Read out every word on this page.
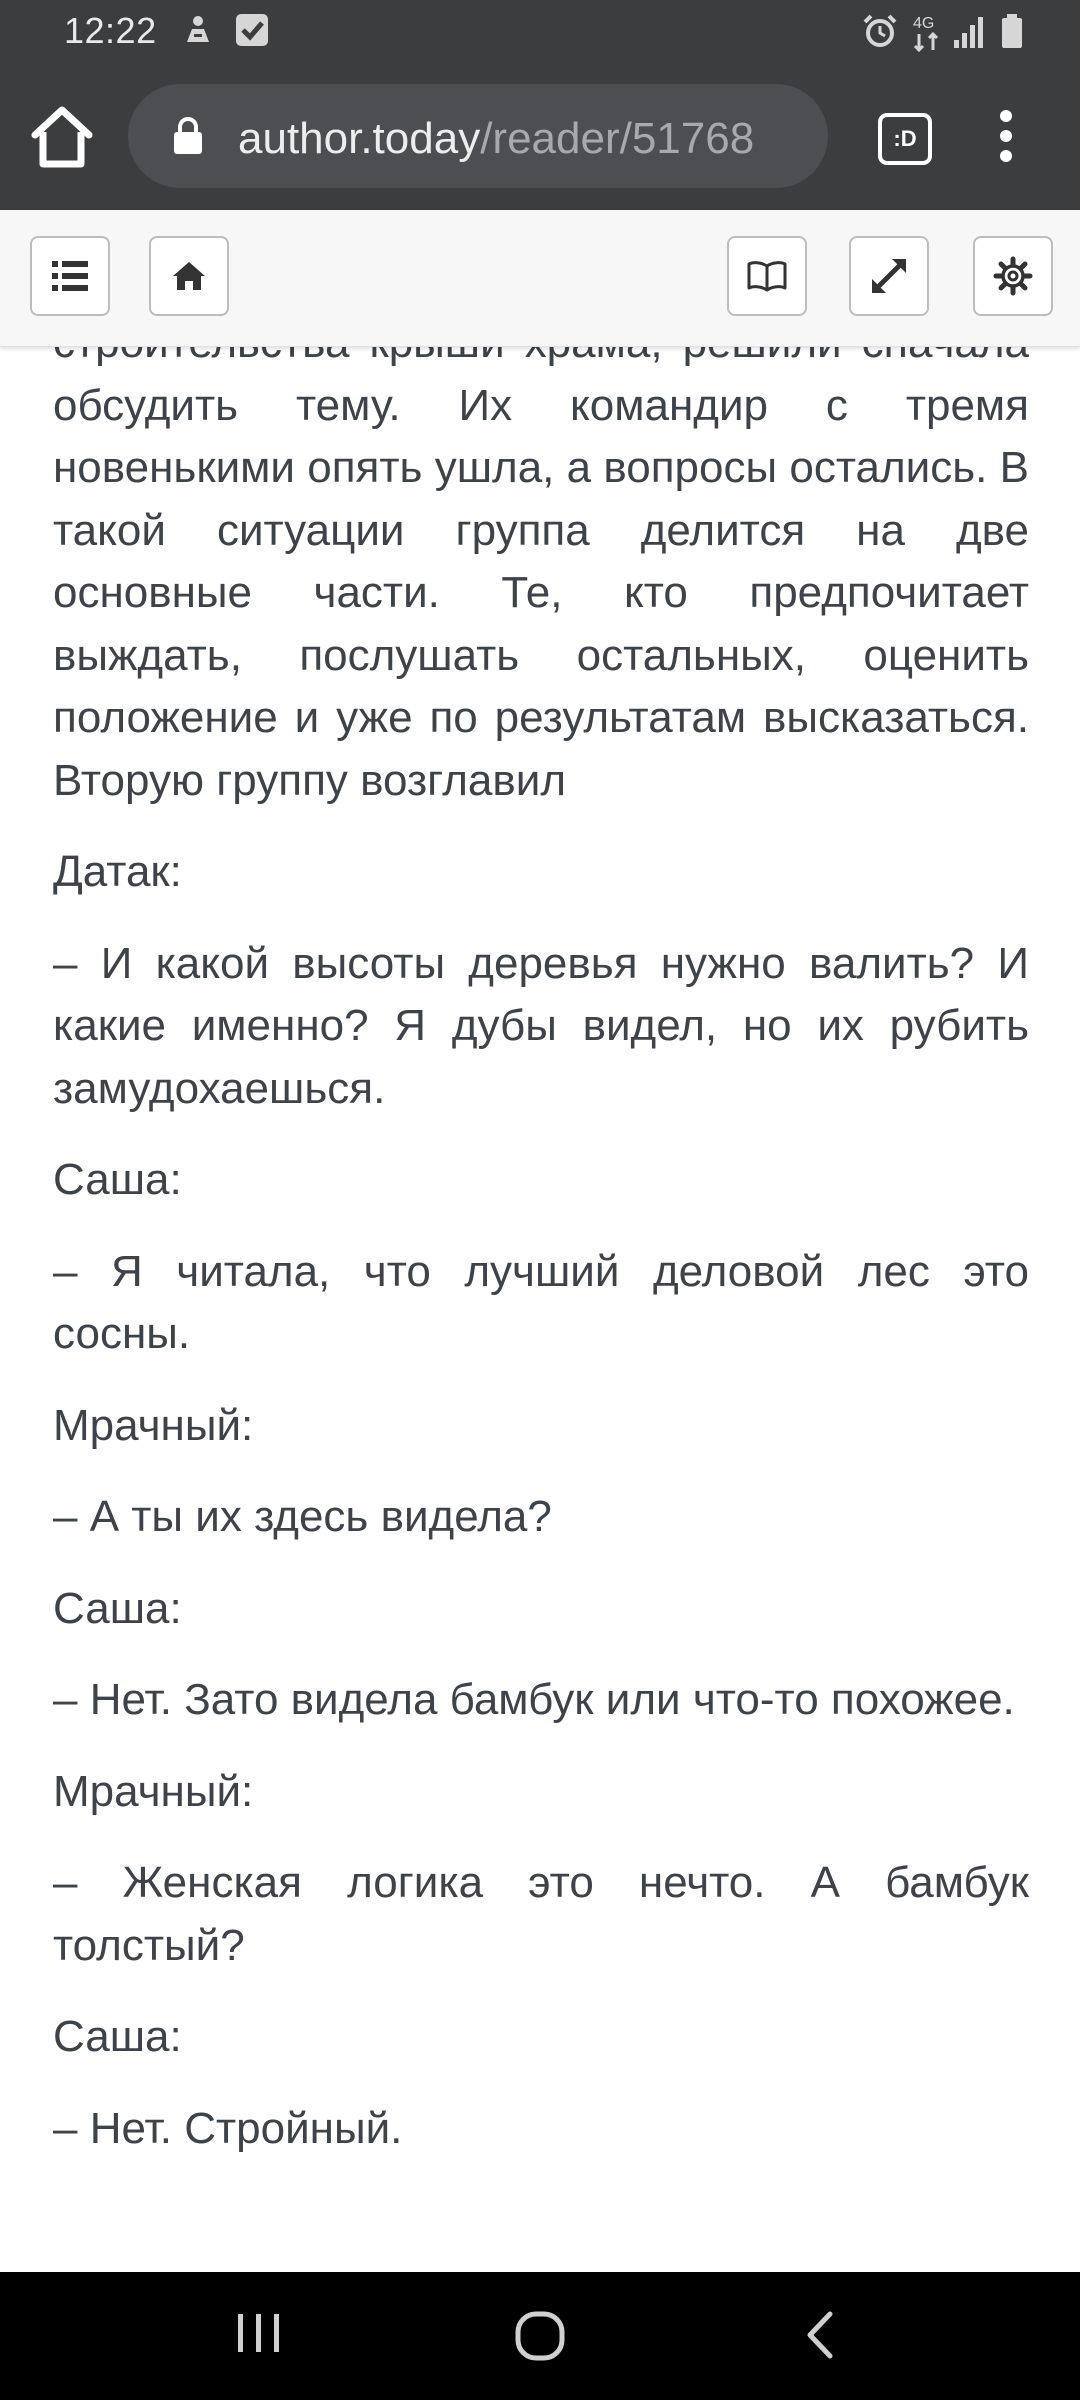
12:22

	4G

author.today/reader/51768	:D

обсудить тему. Их командир с тремя новенькими опять ушла, а вопросы остались. В такой ситуации группа делится на две основные части. Те, кто предпочитает выждать, послушать остальных, оценить положение и уже по результатам высказаться. Вторую группу возглавил

Датак:

– И какой высоты деревья нужно валить? И какие именно? Я дубы видел, но их рубить замудохаешься.

Саша:

– Я читала, что лучший деловой лес это сосны.

Мрачный:

– А ты их здесь видела?

Саша:

– Нет. Зато видела бамбук или что-то похожее.

Мрачный:

– Женская логика это нечто. А бамбук толстый?

Саша:

– Нет. Стройный.
